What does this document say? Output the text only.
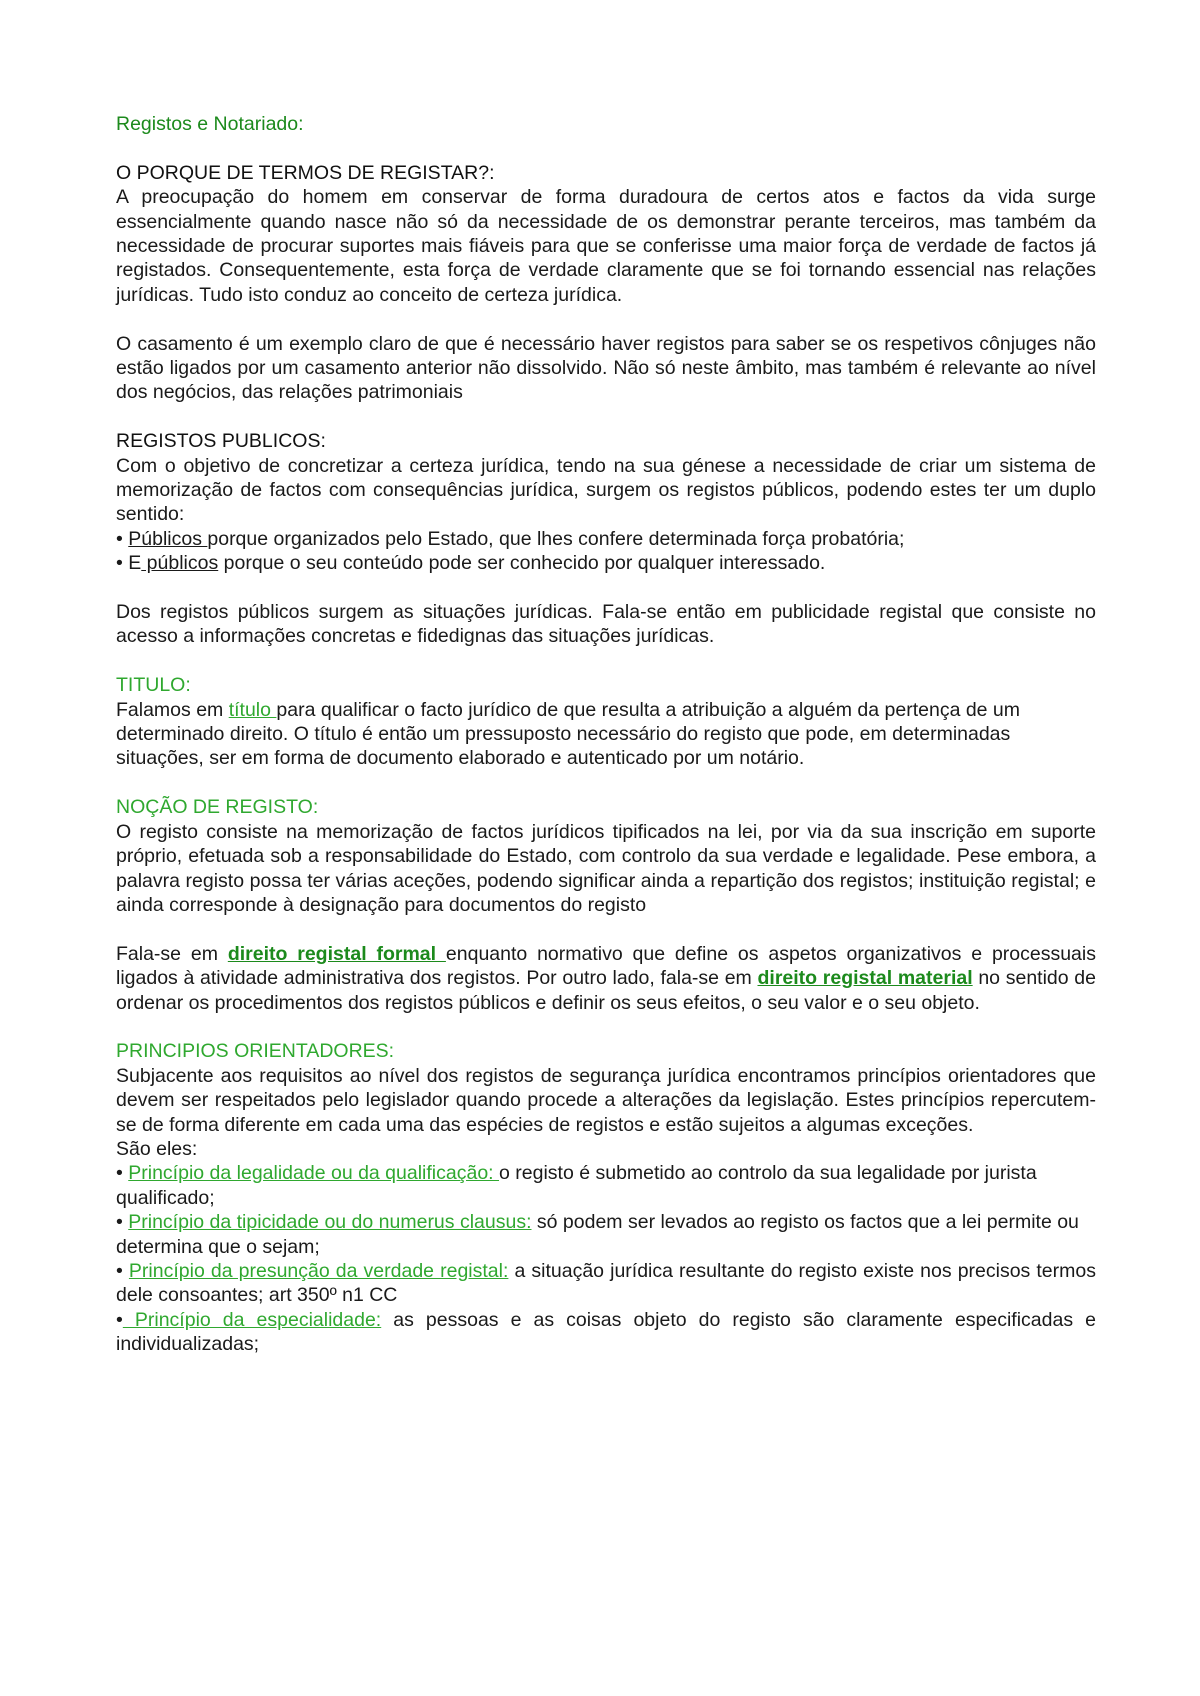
Registos e Notariado:
O PORQUE DE TERMOS DE REGISTAR?:

A preocupação do homem em conservar de forma duradoura de certos atos e factos da vida surge essencialmente quando nasce não só da necessidade de os demonstrar perante terceiros, mas também da necessidade de procurar suportes mais fiáveis para que se conferisse uma maior força de verdade de factos já registados. Consequentemente, esta força de verdade claramente que se foi tornando essencial nas relações jurídicas. Tudo isto conduz ao conceito de certeza jurídica.

O casamento é um exemplo claro de que é necessário haver registos para saber se os respetivos cônjuges não estão ligados por um casamento anterior não dissolvido. Não só neste âmbito, mas também é relevante ao nível dos negócios, das relações patrimoniais

REGISTOS PUBLICOS:

Com o objetivo de concretizar a certeza jurídica, tendo na sua génese a necessidade de criar um sistema de memorização de factos com consequências jurídica, surgem os registos públicos, podendo estes ter um duplo sentido:

• Públicos porque organizados pelo Estado, que lhes confere determinada força probatória;
• E públicos porque o seu conteúdo pode ser conhecido por qualquer interessado.

Dos registos públicos surgem as situações jurídicas. Fala-se então em publicidade registal que consiste no acesso a informações concretas e fidedignas das situações jurídicas.

TITULO:

Falamos em título para qualificar o facto jurídico de que resulta a atribuição a alguém da pertença de um determinado direito. O título é então um pressuposto necessário do registo que pode, em determinadas situações, ser em forma de documento elaborado e autenticado por um notário.

NOÇÃO DE REGISTO:

O registo consiste na memorização de factos jurídicos tipificados na lei, por via da sua inscrição em suporte próprio, efetuada sob a responsabilidade do Estado, com controlo da sua verdade e legalidade. Pese embora, a palavra registo possa ter várias aceções, podendo significar ainda a repartição dos registos; instituição registal; e ainda corresponde à designação para documentos do registo

Fala-se em direito registal formal enquanto normativo que define os aspetos organizativos e processuais ligados à atividade administrativa dos registos. Por outro lado, fala-se em direito registal material no sentido de ordenar os procedimentos dos registos públicos e definir os seus efeitos, o seu valor e o seu objeto.

PRINCIPIOS ORIENTADORES:

Subjacente aos requisitos ao nível dos registos de segurança jurídica encontramos princípios orientadores que devem ser respeitados pelo legislador quando procede a alterações da legislação. Estes princípios repercutem-se de forma diferente em cada uma das espécies de registos e estão sujeitos a algumas exceções.

São eles:

• Princípio da legalidade ou da qualificação: o registo é submetido ao controlo da sua legalidade por jurista qualificado;
• Princípio da tipicidade ou do numerus clausus: só podem ser levados ao registo os factos que a lei permite ou determina que o sejam;
• Princípio da presunção da verdade registal: a situação jurídica resultante do registo existe nos precisos termos dele consoantes; art 350º n1 CC
• Princípio da especialidade: as pessoas e as coisas objeto do registo são claramente especificadas e individualizadas;
